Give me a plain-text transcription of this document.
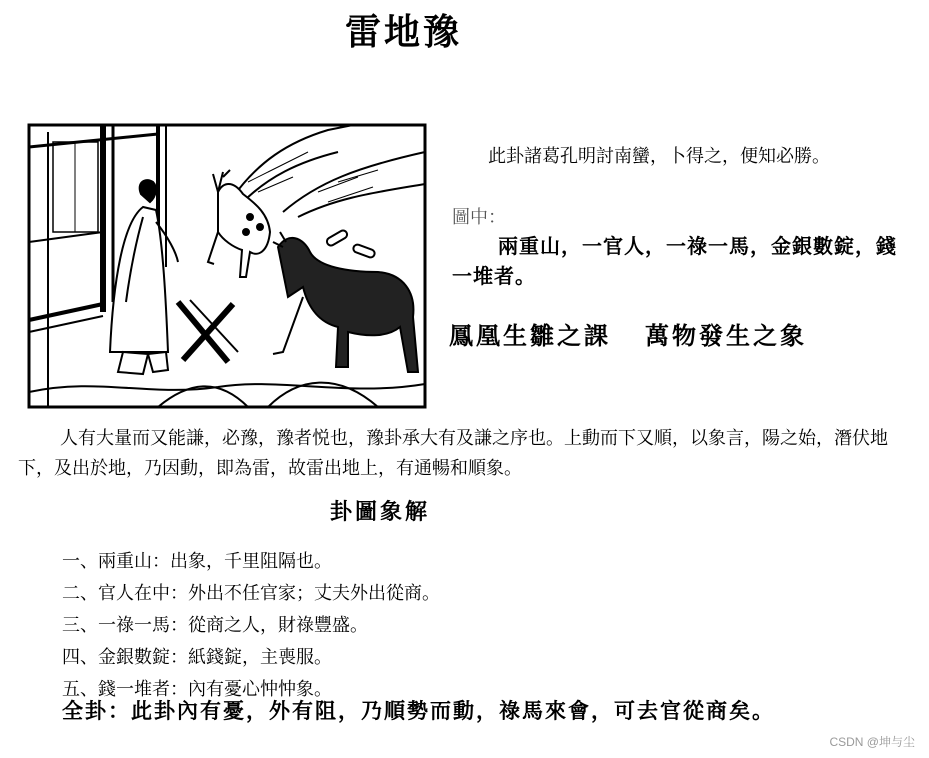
雷地豫
此卦諸葛孔明討南蠻，卜得之，便知必勝。
圖中：
兩重山，一官人，一祿一馬，金銀數錠，錢一堆者。
鳳凰生雛之課 萬物發生之象
人有大量而又能謙，必豫，豫者悦也，豫卦承大有及謙之序也。上動而下又順，以象言，陽之始，潛伏地下，及出於地，乃因動，即為雷，故雷出地上，有通暢和順象。
卦圖象解
一、兩重山：出象，千里阻隔也。
二、官人在中：外出不任官家；丈夫外出從商。
三、一祿一馬：從商之人，財祿豐盛。
四、金銀數錠：紙錢錠，主喪服。
五、錢一堆者：內有憂心忡忡象。
全卦：此卦內有憂，外有阻，乃順勢而動，祿馬來會，可去官從商矣。
CSDN @坤与尘
